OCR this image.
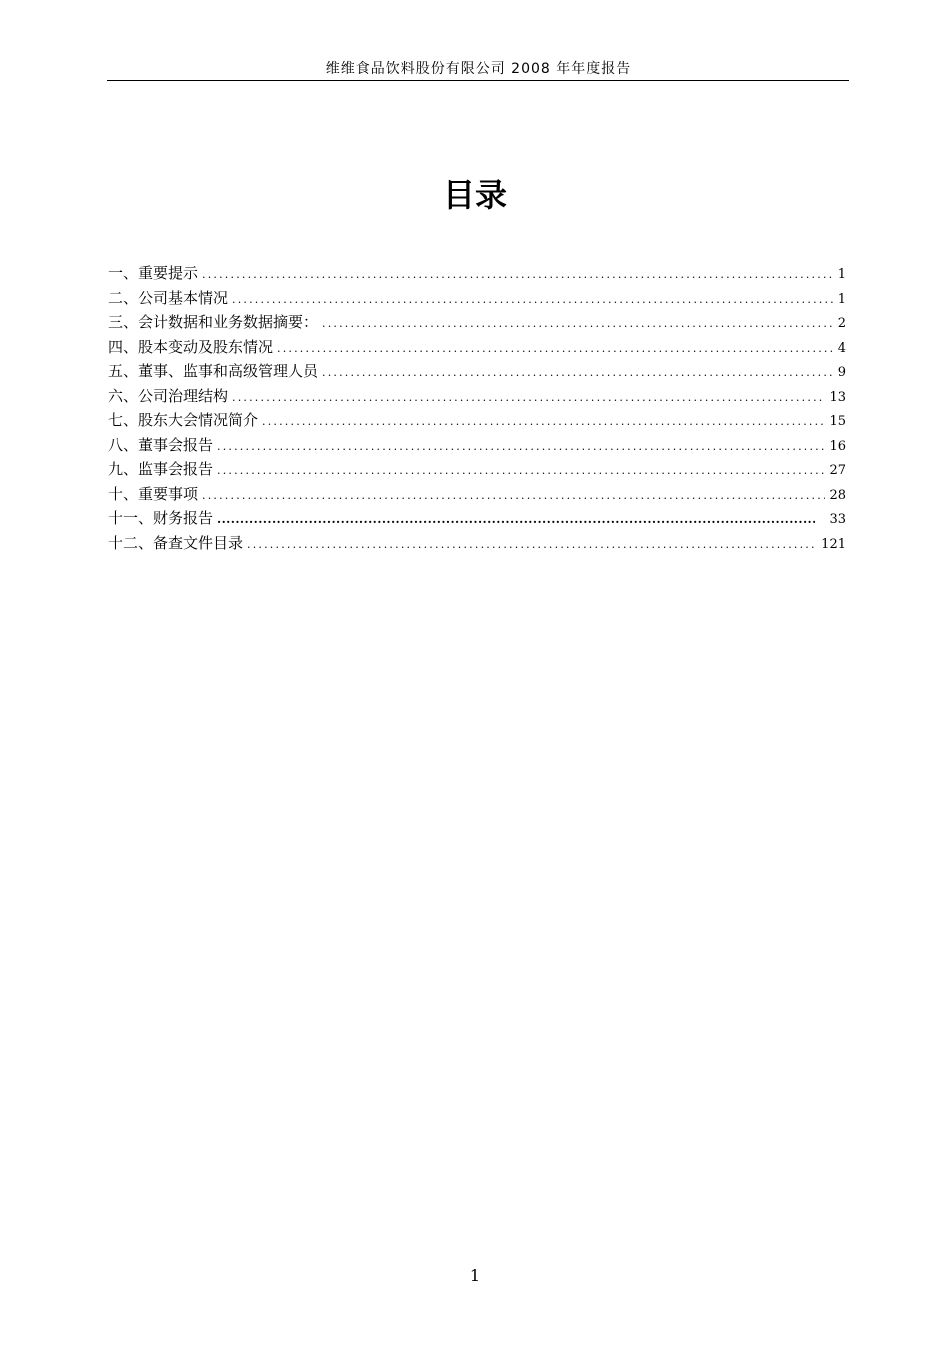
维维食品饮料股份有限公司 2008 年年度报告
目录
一、重要提示 .....	1
二、公司基本情况 .....	1
三、会计数据和业务数据摘要： .....	2
四、股本变动及股东情况 .....	4
五、董事、监事和高级管理人员 .....	9
六、公司治理结构 .....	13
七、股东大会情况简介 .....	15
八、董事会报告 .....	16
九、监事会报告 .....	27
十、重要事项 .....	28
十一、财务报告 .....	33
十二、备查文件目录 .....	121
1
